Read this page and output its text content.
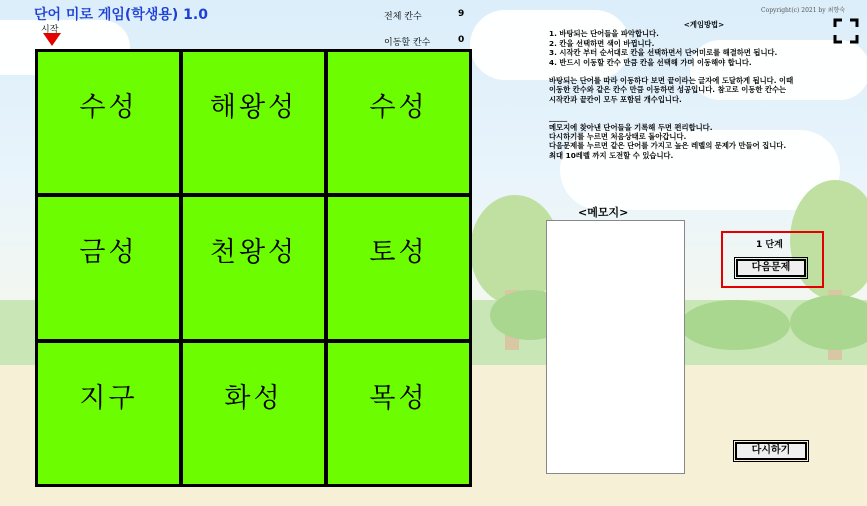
단어 미로 게임(학생용) 1.0	Copyright(c) 2021 by 최향숙
전체 칸수	9
이동할 칸수	0
시작
수성	해왕성	수성
금성	천왕성	토성
지구	화성	목성

<게임방법>

1. 바탕되는 단어들을 파악합니다.

2. 칸을 선택하면 색이 바뀝니다.

3. 시작칸 부터 순서대로 칸을 선택하면서 단어미로를 해결하면 됩니다.

4. 반드시 이동할 칸수 만큼 칸을 선택해 가며 이동해야 합니다.

바탕되는 단어를 따라 이동하다 보면 끝이라는 글자에 도달하게 됩니다. 이때

이동한 칸수와 같은 칸수 만큼 이동하면 성공입니다. 참고로 이동한 칸수는

시작칸과 끝칸이 모두 포함된 개수입니다.

_____

메모지에 찾아낸 단어들을 기록해 두면 편리합니다.

다시하기를 누르면 처음상태로 돌아갑니다.

다음문제를 누르면 같은 단어를 가지고 높은 레벨의 문제가 만들어 집니다.

최대 10레벨 까지 도전할 수 있습니다.

<메모지>
1 단계
다음문제
다시하기
